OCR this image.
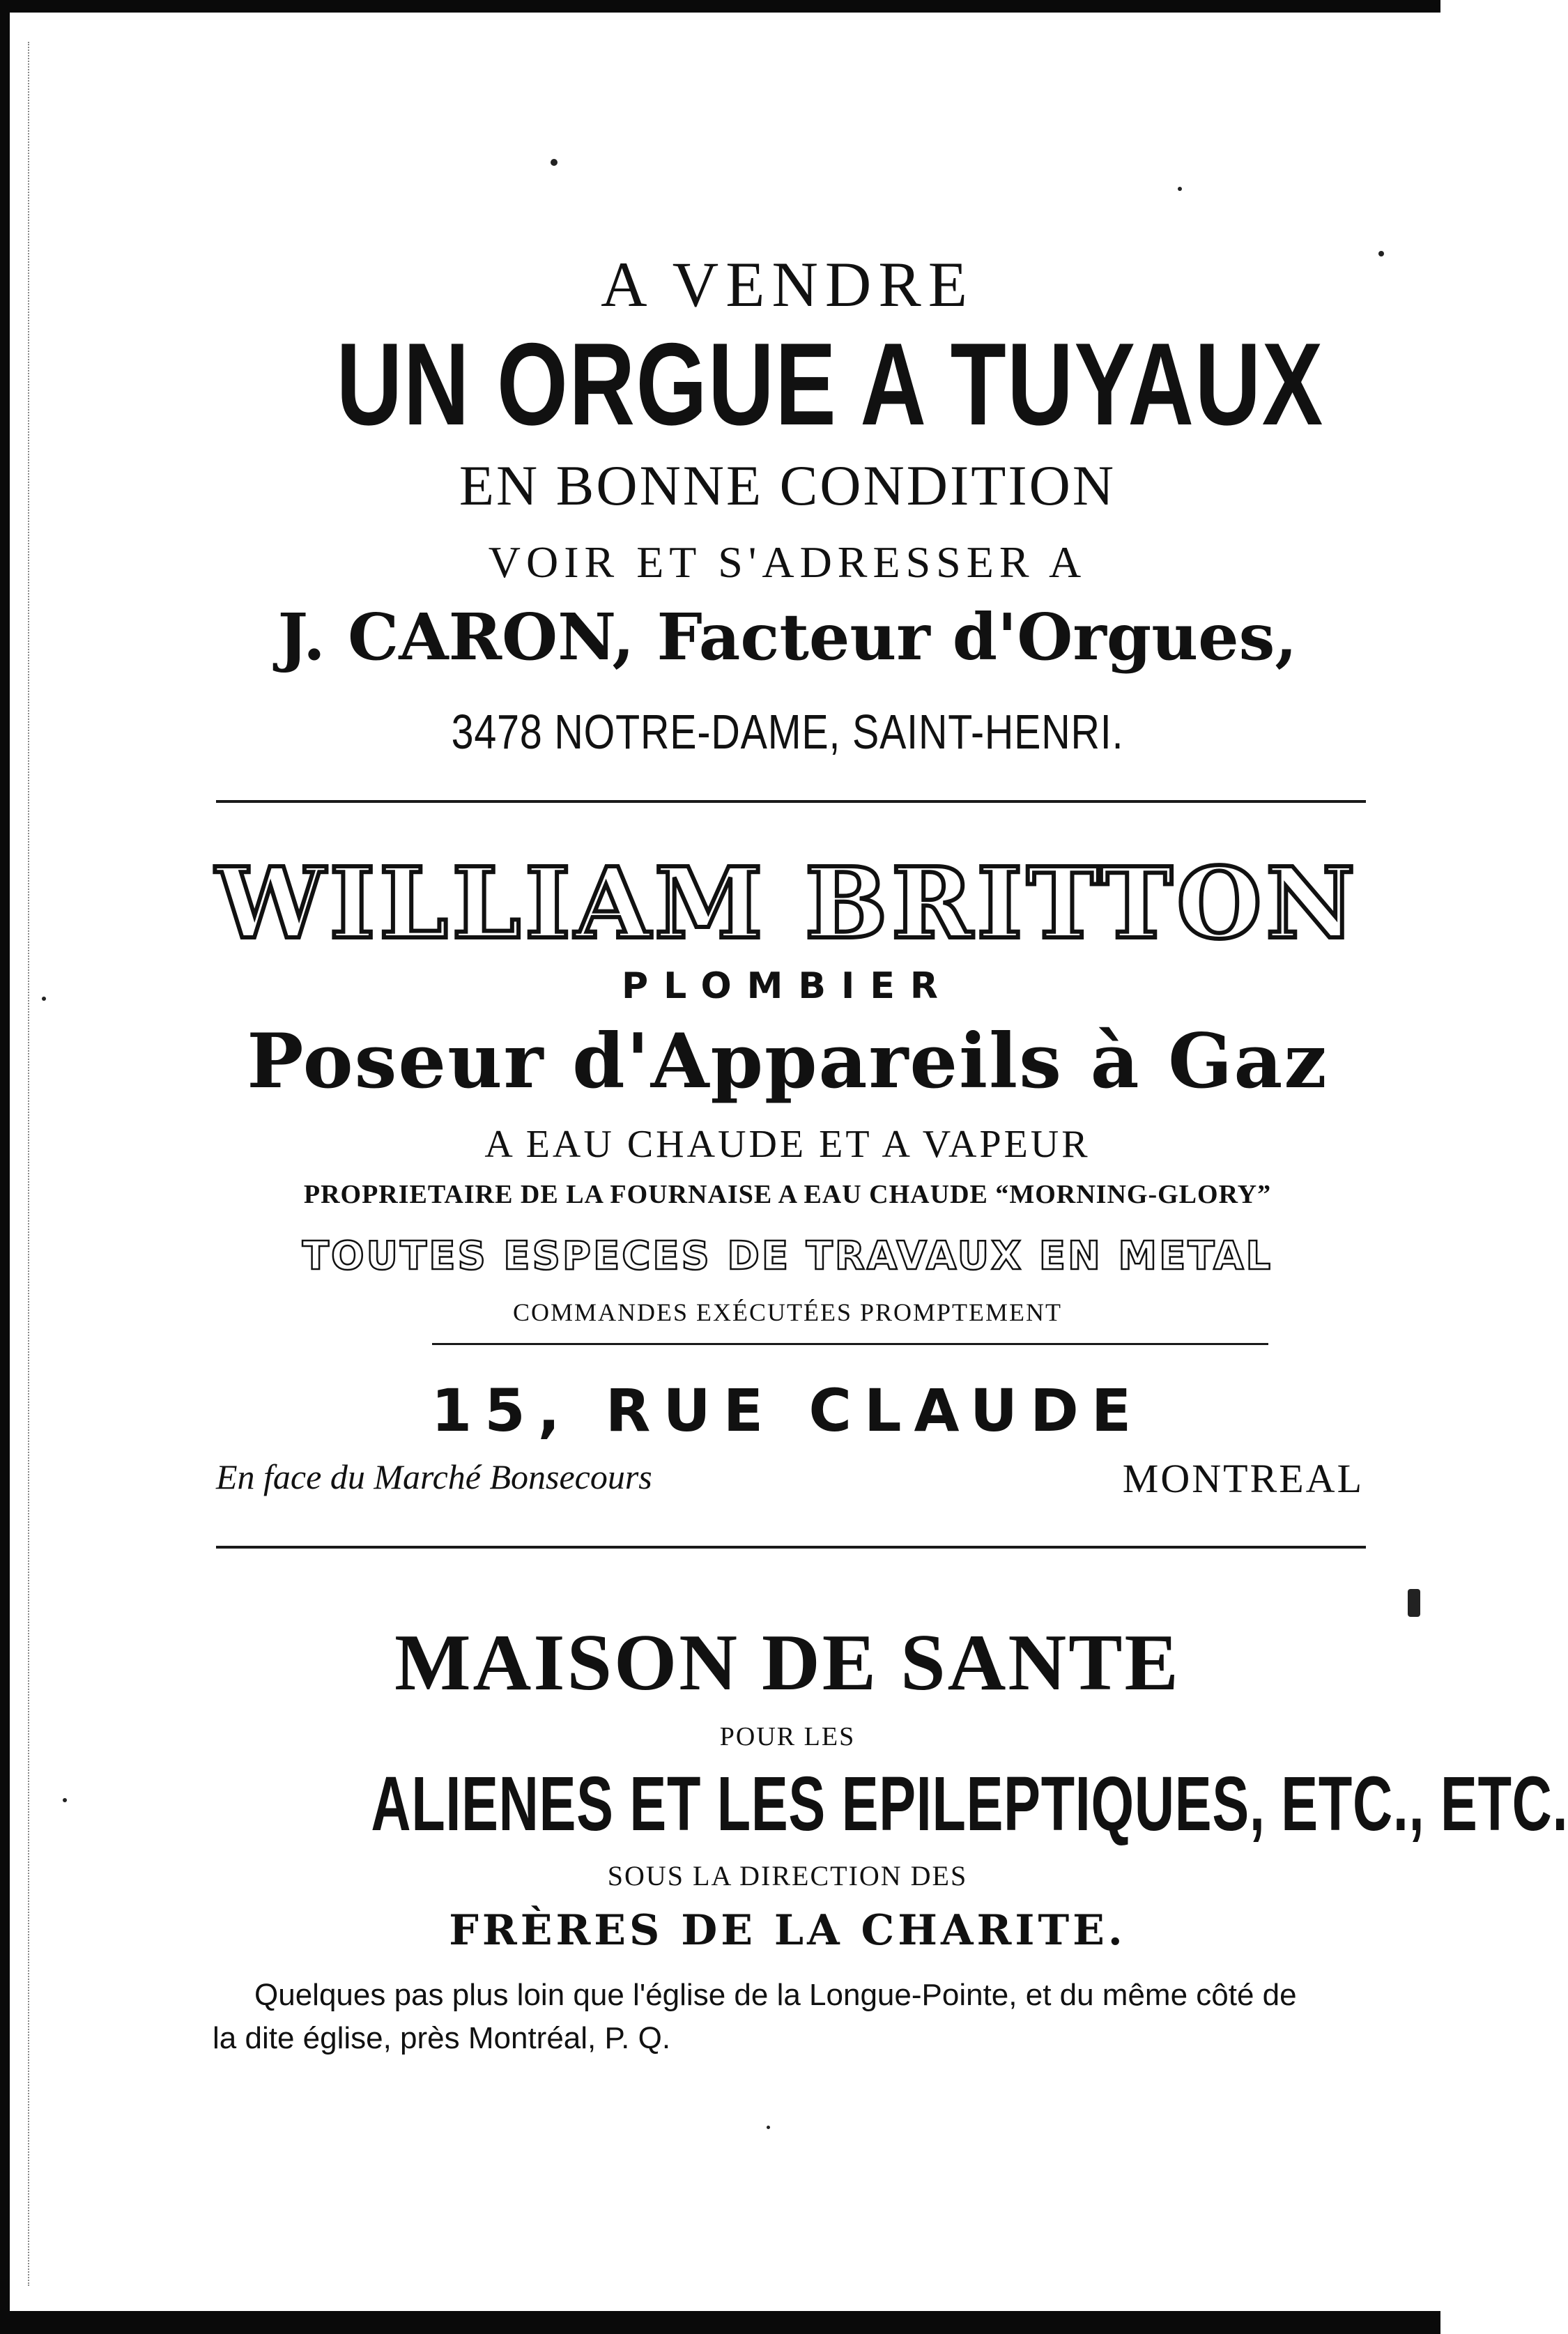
A VENDRE
UN ORGUE A TUYAUX
EN BONNE CONDITION
VOIR ET S'ADRESSER A
J. CARON, Facteur d'Orgues,
3478 NOTRE-DAME, SAINT-HENRI.
WILLIAM BRITTON
PLOMBIER
Poseur d'Appareils à Gaz
A EAU CHAUDE ET A VAPEUR
PROPRIETAIRE DE LA FOURNAISE A EAU CHAUDE “MORNING-GLORY”
TOUTES ESPECES DE TRAVAUX EN METAL
COMMANDES EXÉCUTÉES PROMPTEMENT
15, RUE CLAUDE
En face du Marché Bonsecours	MONTREAL
MAISON DE SANTE
POUR LES
ALIENES ET LES EPILEPTIQUES, ETC., ETC.
SOUS LA DIRECTION DES
FRÈRES DE LA CHARITE.
Quelques pas plus loin que l'église de la Longue-Pointe, et du même côté de
la dite église, près Montréal, P. Q.
